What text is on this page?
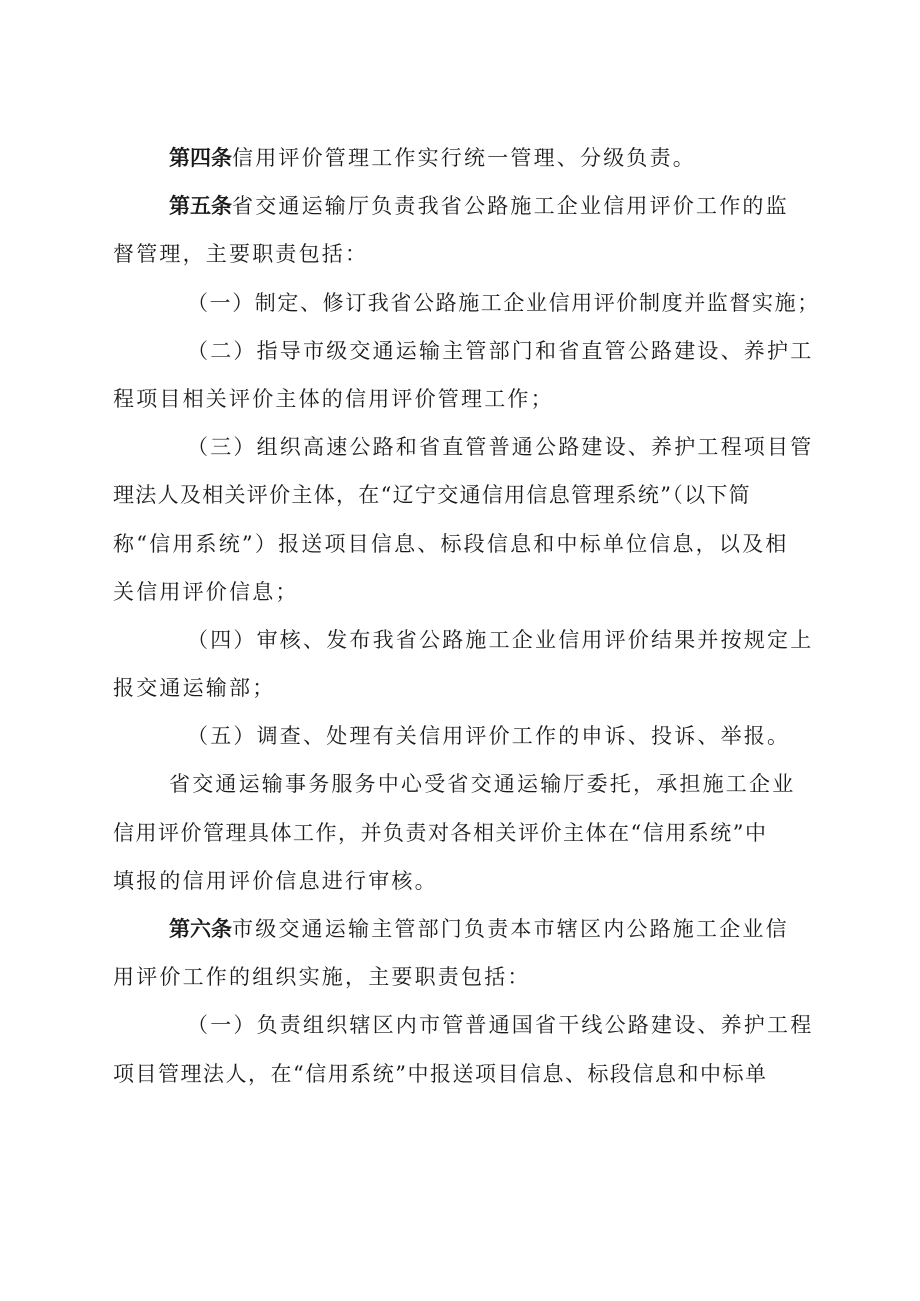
第四条信用评价管理工作实行统一管理、分级负责。
第五条省交通运输厅负责我省公路施工企业信用评价工作的监
督管理，主要职责包括：
（一）制定、修订我省公路施工企业信用评价制度并监督实施；
（二）指导市级交通运输主管部门和省直管公路建设、养护工
程项目相关评价主体的信用评价管理工作；
（三）组织高速公路和省直管普通公路建设、养护工程项目管
理法人及相关评价主体，在“辽宁交通信用信息管理系统”（以下简
称“信用系统”）报送项目信息、标段信息和中标单位信息，以及相
关信用评价信息；
（四）审核、发布我省公路施工企业信用评价结果并按规定上
报交通运输部；
（五）调查、处理有关信用评价工作的申诉、投诉、举报。
省交通运输事务服务中心受省交通运输厅委托，承担施工企业
信用评价管理具体工作，并负责对各相关评价主体在“信用系统”中
填报的信用评价信息进行审核。
第六条市级交通运输主管部门负责本市辖区内公路施工企业信
用评价工作的组织实施，主要职责包括：
（一）负责组织辖区内市管普通国省干线公路建设、养护工程
项目管理法人，在“信用系统”中报送项目信息、标段信息和中标单
